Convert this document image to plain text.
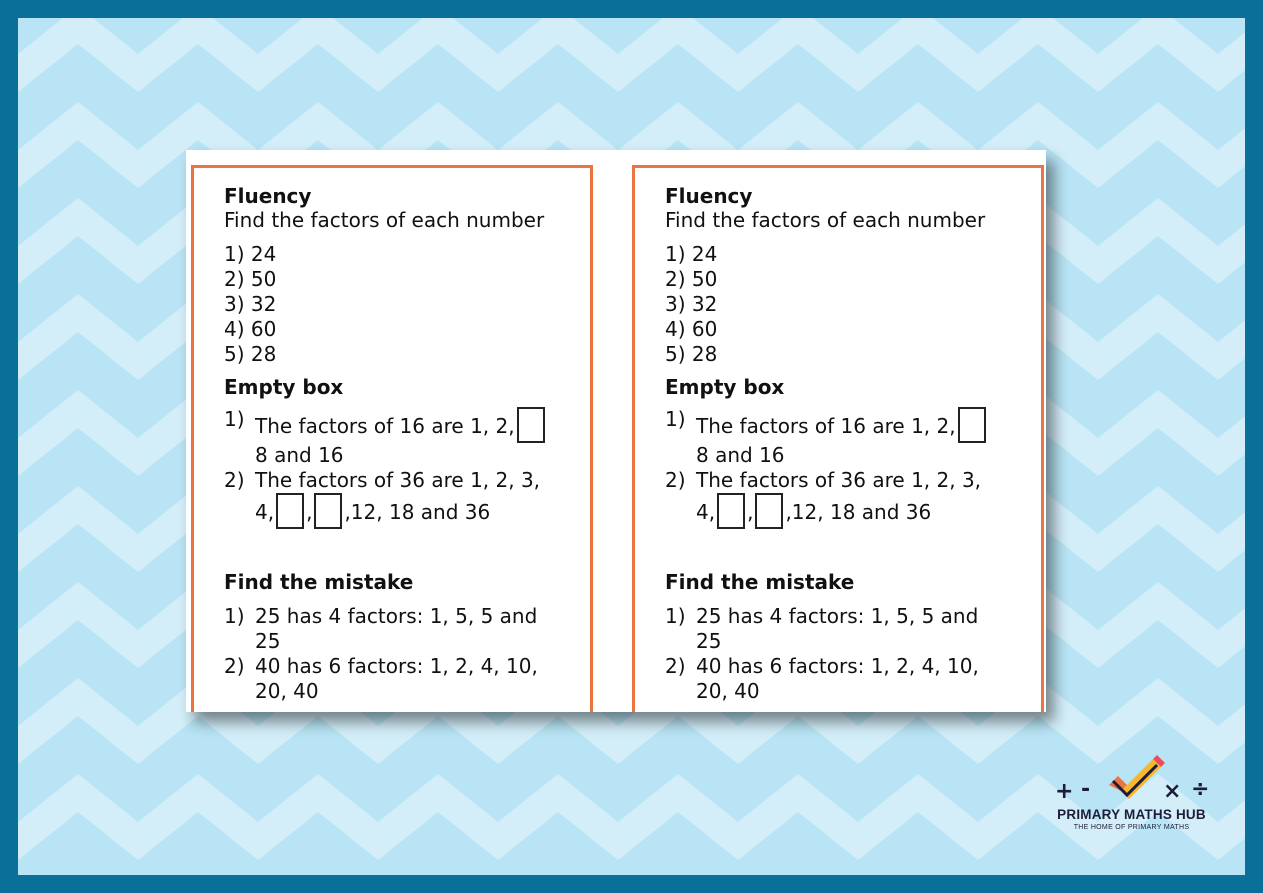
Fluency

Find the factors of each number

1) 24

2) 50

3) 32

4) 60

5) 28

Empty box

1) The factors of 16 are 1, 2,
8 and 16
2) The factors of 36 are 1, 2, 3,
4, , ,12, 18 and 36

Find the mistake

1) 25 has 4 factors: 1, 5, 5 and
25
2) 40 has 6 factors: 1, 2, 4, 10,
20, 40

Fluency

Find the factors of each number

1) 24

2) 50

3) 32

4) 60

5) 28

Empty box

1) The factors of 16 are 1, 2,
8 and 16
2) The factors of 36 are 1, 2, 3,
4, , ,12, 18 and 36

Find the mistake

1) 25 has 4 factors: 1, 5, 5 and
25
2) 40 has 6 factors: 1, 2, 4, 10,
20, 40
+ -	× ÷
PRIMARY MATHS HUB
THE HOME OF PRIMARY MATHS
